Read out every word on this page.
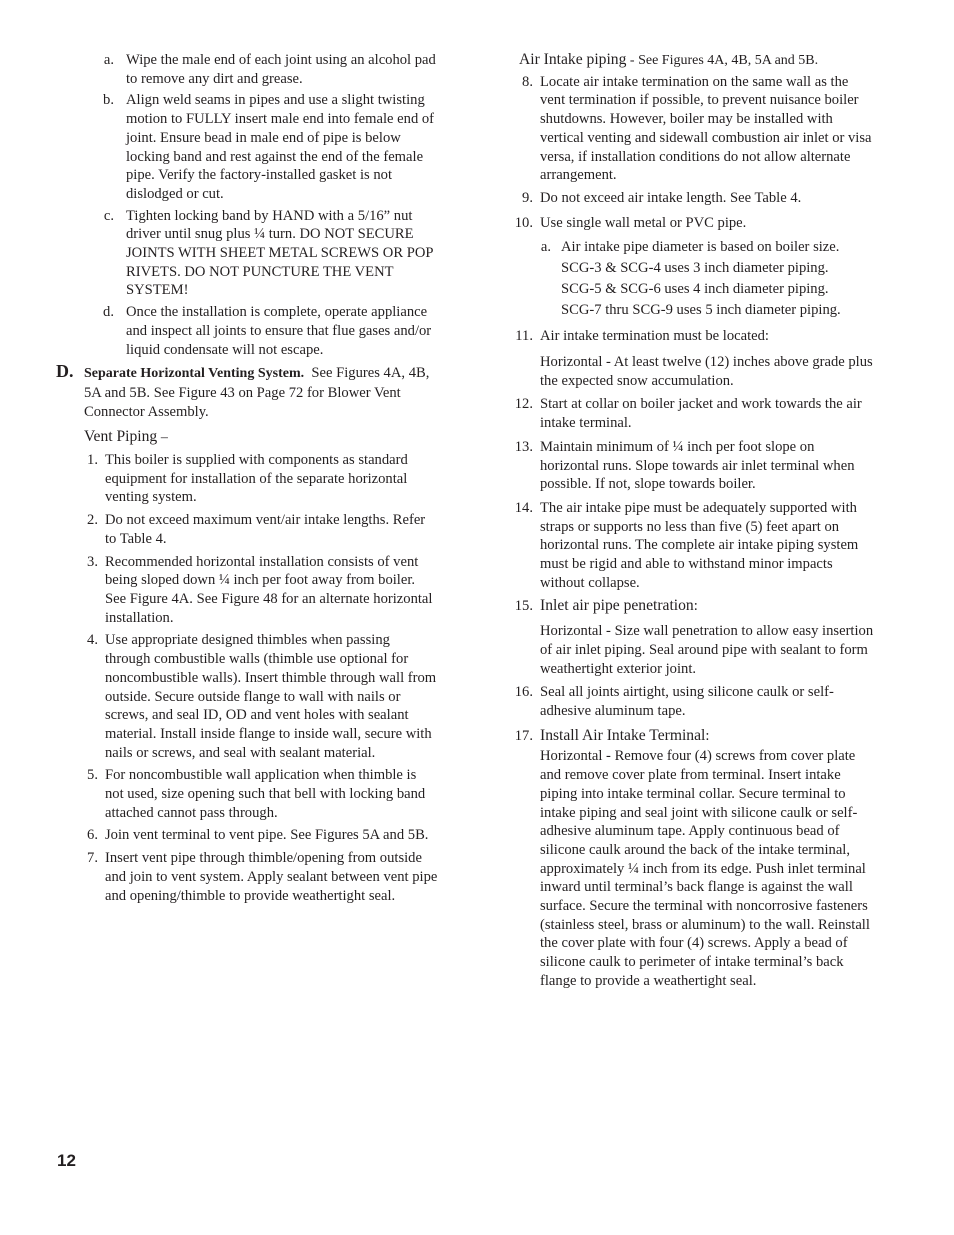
a. Wipe the male end of each joint using an alcohol pad to remove any dirt and grease.

b. Align weld seams in pipes and use a slight twisting motion to FULLY insert male end into female end of joint. Ensure bead in male end of pipe is below locking band and rest against the end of the female pipe. Verify the factory-installed gasket is not dislodged or cut.

c. Tighten locking band by HAND with a 5/16” nut driver until snug plus ¼ turn. DO NOT SECURE JOINTS WITH SHEET METAL SCREWS OR POP RIVETS. DO NOT PUNCTURE THE VENT SYSTEM!

d. Once the installation is complete, operate appliance and inspect all joints to ensure that flue gases and/or liquid condensate will not escape.

D. Separate Horizontal Venting System. See Figures 4A, 4B, 5A and 5B. See Figure 43 on Page 72 for Blower Vent Connector Assembly.

Vent Piping –

1. This boiler is supplied with components as standard equipment for installation of the separate horizontal venting system.

2. Do not exceed maximum vent/air intake lengths. Refer to Table 4.

3. Recommended horizontal installation consists of vent being sloped down ¼ inch per foot away from boiler. See Figure 4A. See Figure 48 for an alternate horizontal installation.

4. Use appropriate designed thimbles when passing through combustible walls (thimble use optional for noncombustible walls). Insert thimble through wall from outside. Secure outside flange to wall with nails or screws, and seal ID, OD and vent holes with sealant material. Install inside flange to inside wall, secure with nails or screws, and seal with sealant material.

5. For noncombustible wall application when thimble is not used, size opening such that bell with locking band attached cannot pass through.

6. Join vent terminal to vent pipe. See Figures 5A and 5B.

7. Insert vent pipe through thimble/opening from outside and join to vent system. Apply sealant between vent pipe and opening/thimble to provide weathertight seal.

Air Intake piping - See Figures 4A, 4B, 5A and 5B.

8. Locate air intake termination on the same wall as the vent termination if possible, to prevent nuisance boiler shutdowns. However, boiler may be installed with vertical venting and sidewall combustion air inlet or visa versa, if installation conditions do not allow alternate arrangement.

9. Do not exceed air intake length. See Table 4.

10. Use single wall metal or PVC pipe.

a. Air intake pipe diameter is based on boiler size.

SCG-3 & SCG-4 uses 3 inch diameter piping.

SCG-5 & SCG-6 uses 4 inch diameter piping.

SCG-7 thru SCG-9 uses 5 inch diameter piping.

11. Air intake termination must be located:

Horizontal - At least twelve (12) inches above grade plus the expected snow accumulation.

12. Start at collar on boiler jacket and work towards the air intake terminal.

13. Maintain minimum of ¼ inch per foot slope on horizontal runs. Slope towards air inlet terminal when possible. If not, slope towards boiler.

14. The air intake pipe must be adequately supported with straps or supports no less than five (5) feet apart on horizontal runs. The complete air intake piping system must be rigid and able to withstand minor impacts without collapse.

15. Inlet air pipe penetration:

Horizontal - Size wall penetration to allow easy insertion of air inlet piping. Seal around pipe with sealant to form weathertight exterior joint.

16. Seal all joints airtight, using silicone caulk or self-adhesive aluminum tape.

17. Install Air Intake Terminal:

Horizontal - Remove four (4) screws from cover plate and remove cover plate from terminal. Insert intake piping into intake terminal collar. Secure terminal to intake piping and seal joint with silicone caulk or self-adhesive aluminum tape. Apply continuous bead of silicone caulk around the back of the intake terminal, approximately ¼ inch from its edge. Push inlet terminal inward until terminal’s back flange is against the wall surface. Secure the terminal with noncorrosive fasteners (stainless steel, brass or aluminum) to the wall. Reinstall the cover plate with four (4) screws. Apply a bead of silicone caulk to perimeter of intake terminal’s back flange to provide a weathertight seal.

12
